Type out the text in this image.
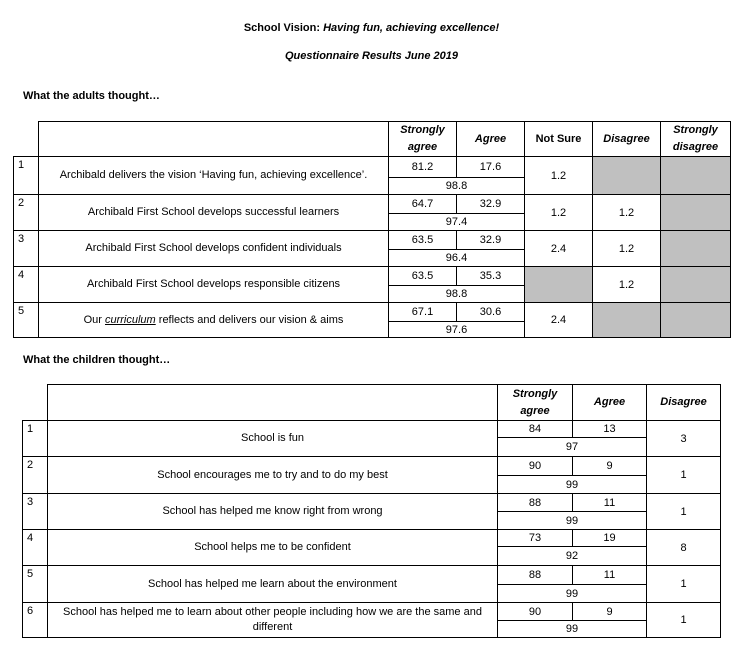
School Vision: Having fun, achieving excellence!
Questionnaire Results June 2019
What the adults thought…
		Strongly agree	Agree	Not Sure	Disagree	Strongly disagree
1	Archibald delivers the vision ‘Having fun, achieving excellence’.	81.2	17.6	1.2		
		98.8				
2	Archibald First School develops successful learners	64.7	32.9	1.2	1.2	
		97.4				
3	Archibald First School develops confident individuals	63.5	32.9	2.4	1.2	
		96.4				
4	Archibald First School develops responsible citizens	63.5	35.3		1.2	
		98.8				
5	Our curriculum reflects and delivers our vision & aims	67.1	30.6	2.4		
		97.6				
What the children thought…
		Strongly agree	Agree	Disagree
1	School is fun	84	13	3
		97		
2	School encourages me to try and to do my best	90	9	1
		99		
3	School has helped me know right from wrong	88	11	1
		99		
4	School helps me to be confident	73	19	8
		92		
5	School has helped me learn about the environment	88	11	1
		99		
6	School has helped me to learn about other people including how we are the same and different	90	9	1
		99		
